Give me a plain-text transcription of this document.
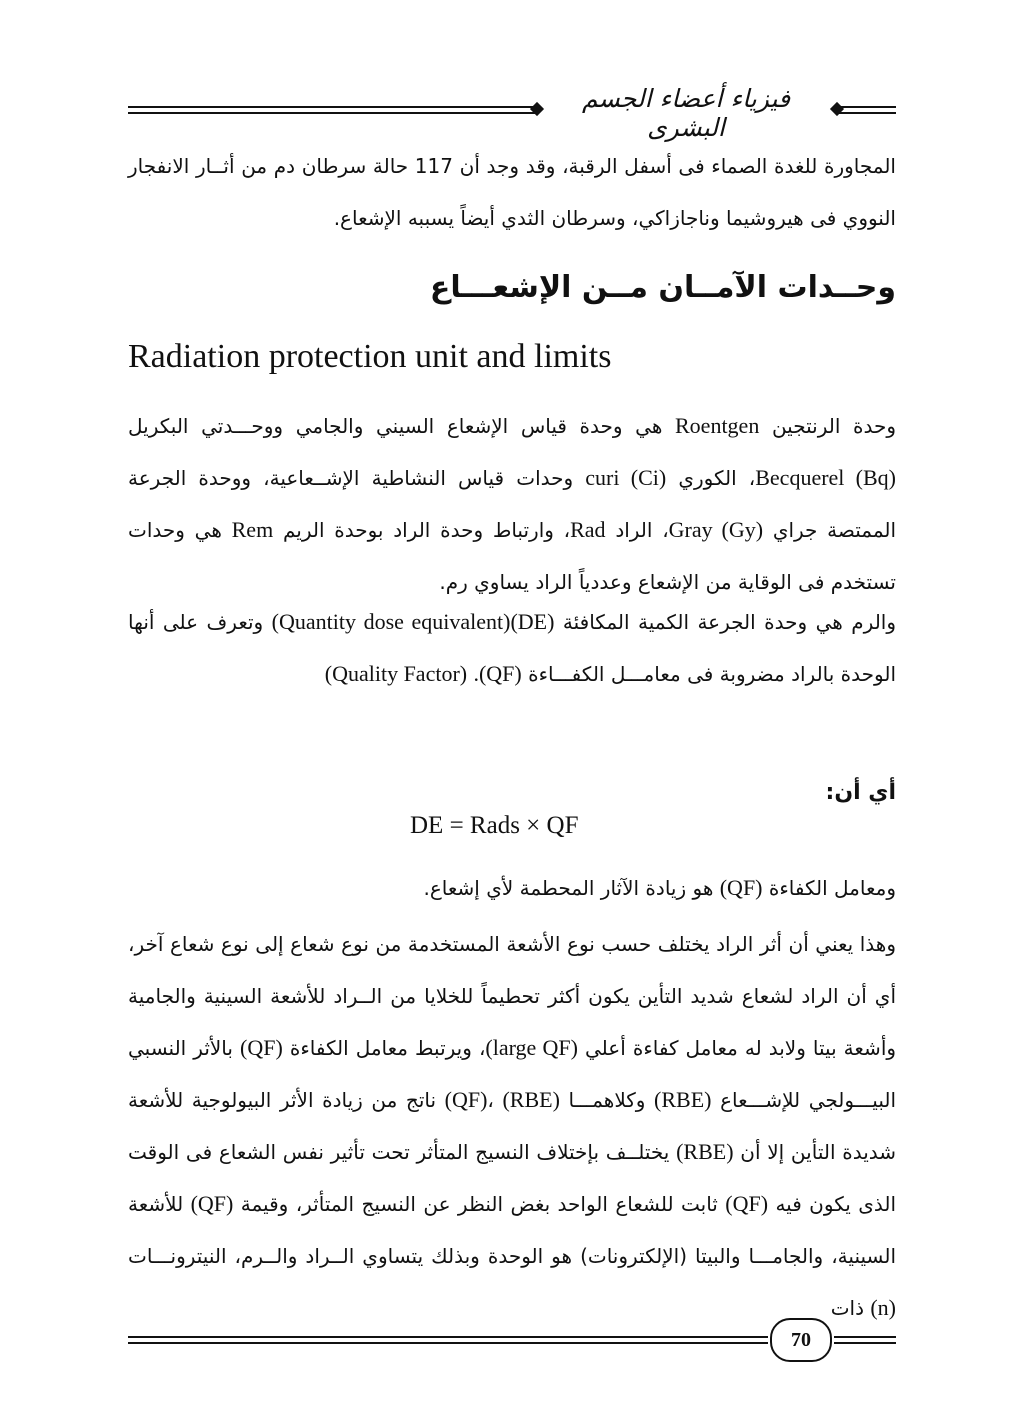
فيزياء أعضاء الجسم البشرى
المجاورة للغدة الصماء فى أسفل الرقبة، وقد وجد أن 117 حالة سرطان دم من أثــار الانفجار النووي فى هيروشيما وناجازاكي، وسرطان الثدي أيضاً يسببه الإشعاع.
وحــدات الآمــان مــن الإشعـــاع
Radiation protection unit and limits
وحدة الرنتجين Roentgen هي وحدة قياس الإشعاع السيني والجامي ووحـــدتي البكريل Becquerel (Bq)، الكوري curi (Ci) وحدات قياس النشاطية الإشــعاعية، ووحدة الجرعة الممتصة جراي Gray (Gy)، الراد Rad، وارتباط وحدة الراد بوحدة الريم Rem هي وحدات تستخدم فى الوقاية من الإشعاع وعددياً الراد يساوي رم.
والرم هي وحدة الجرعة الكمية المكافئة (Quantity dose equivalent)(DE) وتعرف على أنها الوحدة بالراد مضروبة فى معامـــل الكفـــاءة (Quality Factor) .(QF)
أي أن:
DE = Rads × QF
ومعامل الكفاءة (QF) هو زيادة الآثار المحطمة لأي إشعاع.
وهذا يعني أن أثر الراد يختلف حسب نوع الأشعة المستخدمة من نوع شعاع إلى نوع شعاع آخر، أي أن الراد لشعاع شديد التأين يكون أكثر تحطيماً للخلايا من الــراد للأشعة السينية والجامية وأشعة بيتا ولابد له معامل كفاءة أعلي (large QF)، ويرتبط معامل الكفاءة (QF) بالأثر النسبي البيـــولجي للإشـــعاع (RBE) وكلاهمـــا (QF)، (RBE) ناتج من زيادة الأثر البيولوجية للأشعة شديدة التأين إلا أن (RBE) يختلــف بإختلاف النسيج المتأثر تحت تأثير نفس الشعاع فى الوقت الذى يكون فيه (QF) ثابت للشعاع الواحد بغض النظر عن النسيج المتأثر، وقيمة (QF) للأشعة السينية، والجامـــا والبيتا (الإلكترونات) هو الوحدة وبذلك يتساوي الــراد والــرم، النيترونـــات (n) ذات
70
